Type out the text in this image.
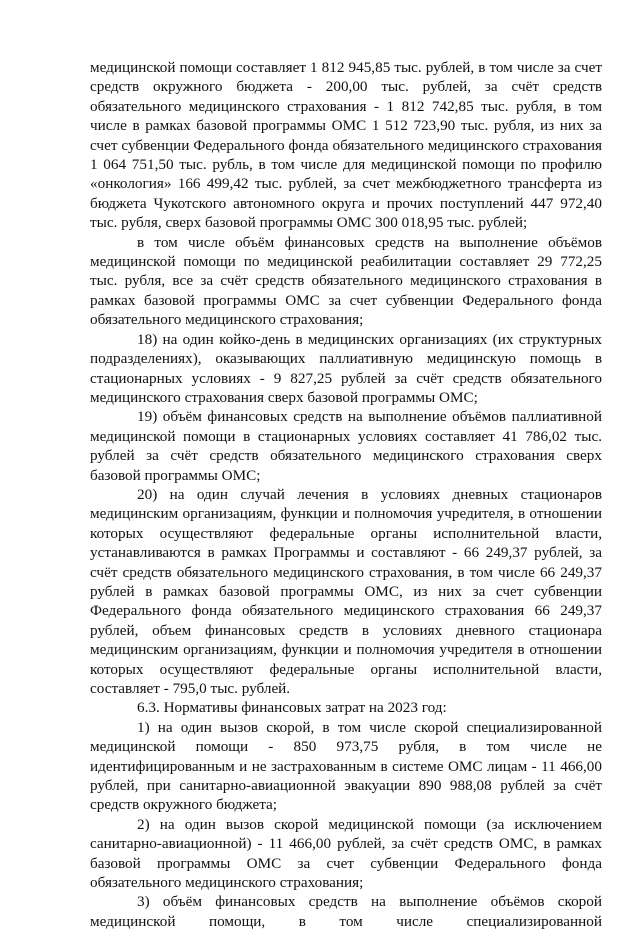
медицинской помощи составляет 1 812 945,85 тыс. рублей, в том числе за счет средств окружного бюджета - 200,00 тыс. рублей, за счёт средств обязательного медицинского страхования - 1 812 742,85 тыс. рубля, в том числе в рамках базовой программы ОМС 1 512 723,90 тыс. рубля, из них за счет субвенции Федерального фонда обязательного медицинского страхования 1 064 751,50 тыс. рубль, в том числе для медицинской помощи по профилю «онкология» 166 499,42 тыс. рублей, за счет межбюджетного трансферта из бюджета Чукотского автономного округа и прочих поступлений 447 972,40 тыс. рубля, сверх базовой программы ОМС 300 018,95 тыс. рублей;

в том числе объём финансовых средств на выполнение объёмов медицинской помощи по медицинской реабилитации составляет 29 772,25 тыс. рубля, все за счёт средств обязательного медицинского страхования в рамках базовой программы ОМС за счет субвенции Федерального фонда обязательного медицинского страхования;

18) на один койко-день в медицинских организациях (их структурных подразделениях), оказывающих паллиативную медицинскую помощь в стационарных условиях - 9 827,25 рублей за счёт средств обязательного медицинского страхования сверх базовой программы ОМС;

19) объём финансовых средств на выполнение объёмов паллиативной медицинской помощи в стационарных условиях составляет 41 786,02 тыс. рублей за счёт средств обязательного медицинского страхования сверх базовой программы ОМС;

20) на один случай лечения в условиях дневных стационаров медицинским организациям, функции и полномочия учредителя, в отношении которых осуществляют федеральные органы исполнительной власти, устанавливаются в рамках Программы и составляют - 66 249,37 рублей, за счёт средств обязательного медицинского страхования, в том числе 66 249,37 рублей в рамках базовой программы ОМС, из них за счет субвенции Федерального фонда обязательного медицинского страхования 66 249,37 рублей, объем финансовых средств в условиях дневного стационара медицинским организациям, функции и полномочия учредителя в отношении которых осуществляют федеральные органы исполнительной власти, составляет - 795,0 тыс. рублей.

6.3. Нормативы финансовых затрат на 2023 год:

1) на один вызов скорой, в том числе скорой специализированной медицинской помощи - 850 973,75 рубля, в том числе не идентифицированным и не застрахованным в системе ОМС лицам - 11 466,00 рублей, при санитарно-авиационной эвакуации 890 988,08 рублей за счёт средств окружного бюджета;

2) на один вызов скорой медицинской помощи (за исключением санитарно-авиационной) - 11 466,00 рублей, за счёт средств ОМС, в рамках базовой программы ОМС за счет субвенции Федерального фонда обязательного медицинского страхования;

3) объём финансовых средств на выполнение объёмов скорой медицинской помощи, в том числе специализированной
